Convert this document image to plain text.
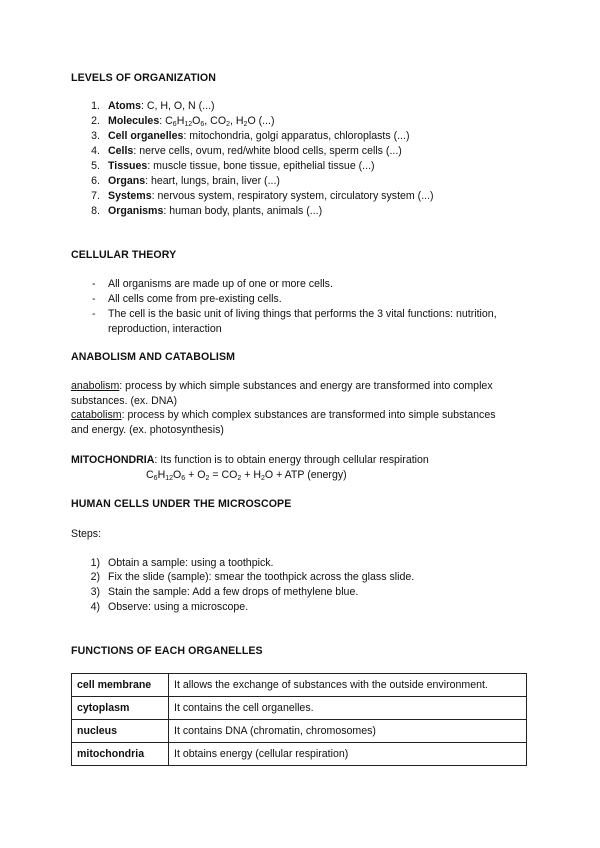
LEVELS OF ORGANIZATION
1. Atoms: C, H, O, N (...)
2. Molecules: $C_6H_{12}O_6$, $CO_2$, $H_2O$ (...)
3. Cell organelles: mitochondria, golgi apparatus, chloroplasts (...)
4. Cells: nerve cells, ovum, red/white blood cells, sperm cells (...)
5. Tissues: muscle tissue, bone tissue, epithelial tissue (...)
6. Organs: heart, lungs, brain, liver (...)
7. Systems: nervous system, respiratory system, circulatory system (...)
8. Organisms: human body, plants, animals (...)
CELLULAR THEORY
- All organisms are made up of one or more cells.
- All cells come from pre-existing cells.
- The cell is the basic unit of living things that performs the 3 vital functions: nutrition,
reproduction, interaction
ANABOLISM AND CATABOLISM
anabolism: process by which simple substances and energy are transformed into complex
substances. (ex. DNA)
catabolism: process by which complex substances are transformed into simple substances
and energy. (ex. photosynthesis)
MITOCHONDRIA: Its function is to obtain energy through cellular respiration
$C_6H_{12}O_6 + O_2 = CO_2 + H_2O$ + ATP (energy)
HUMAN CELLS UNDER THE MICROSCOPE
Steps:
1) Obtain a sample: using a toothpick.
2) Fix the slide (sample): smear the toothpick across the glass slide.
3) Stain the sample: Add a few drops of methylene blue.
4) Observe: using a microscope.
FUNCTIONS OF EACH ORGANELLES
cell membrane	It allows the exchange of substances with the outside environment.
cytoplasm	It contains the cell organelles.
nucleus	It contains DNA (chromatin, chromosomes)
mitochondria	It obtains energy (cellular respiration)
